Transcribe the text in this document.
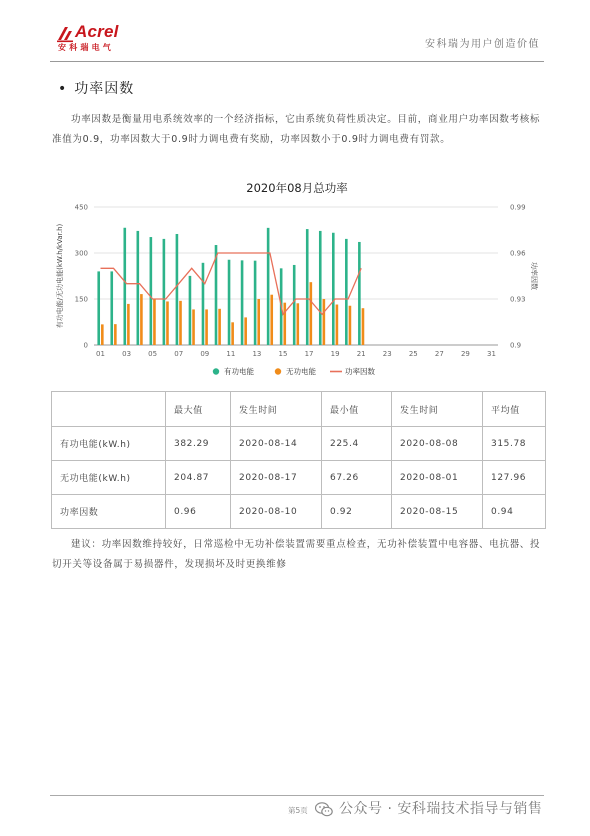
Acrel
安科瑞电气	安科瑞为用户创造价值
• 功率因数

功率因数是衡量用电系统效率的一个经济指标，它由系统负荷性质决定。目前，商业用户功率因数考核标准值为0.9，功率因数大于0.9时力调电费有奖励，功率因数小于0.9时力调电费有罚款。

2020年08月总功率
0
150
300
450
0.9
0.93
0.96
0.99
01 03 05 07 09 11 13 15 17 19 21 23 25 27 29 31
有功电能/无功电能(kW.h/kVar.h)	功率因数
有功电能	无功电能	功率因数
	最大值	发生时间	最小值	发生时间	平均值
有功电能(kW.h)	382.29	2020-08-14	225.4	2020-08-08	315.78
无功电能(kW.h)	204.87	2020-08-17	67.26	2020-08-01	127.96
功率因数	0.96	2020-08-10	0.92	2020-08-15	0.94

建议：功率因数维持较好，日常巡检中无功补偿装置需要重点检查，无功补偿装置中电容器、电抗器、投切开关等设备属于易损器件，发现损坏及时更换维修

第5页	公众号 · 安科瑞技术指导与销售
